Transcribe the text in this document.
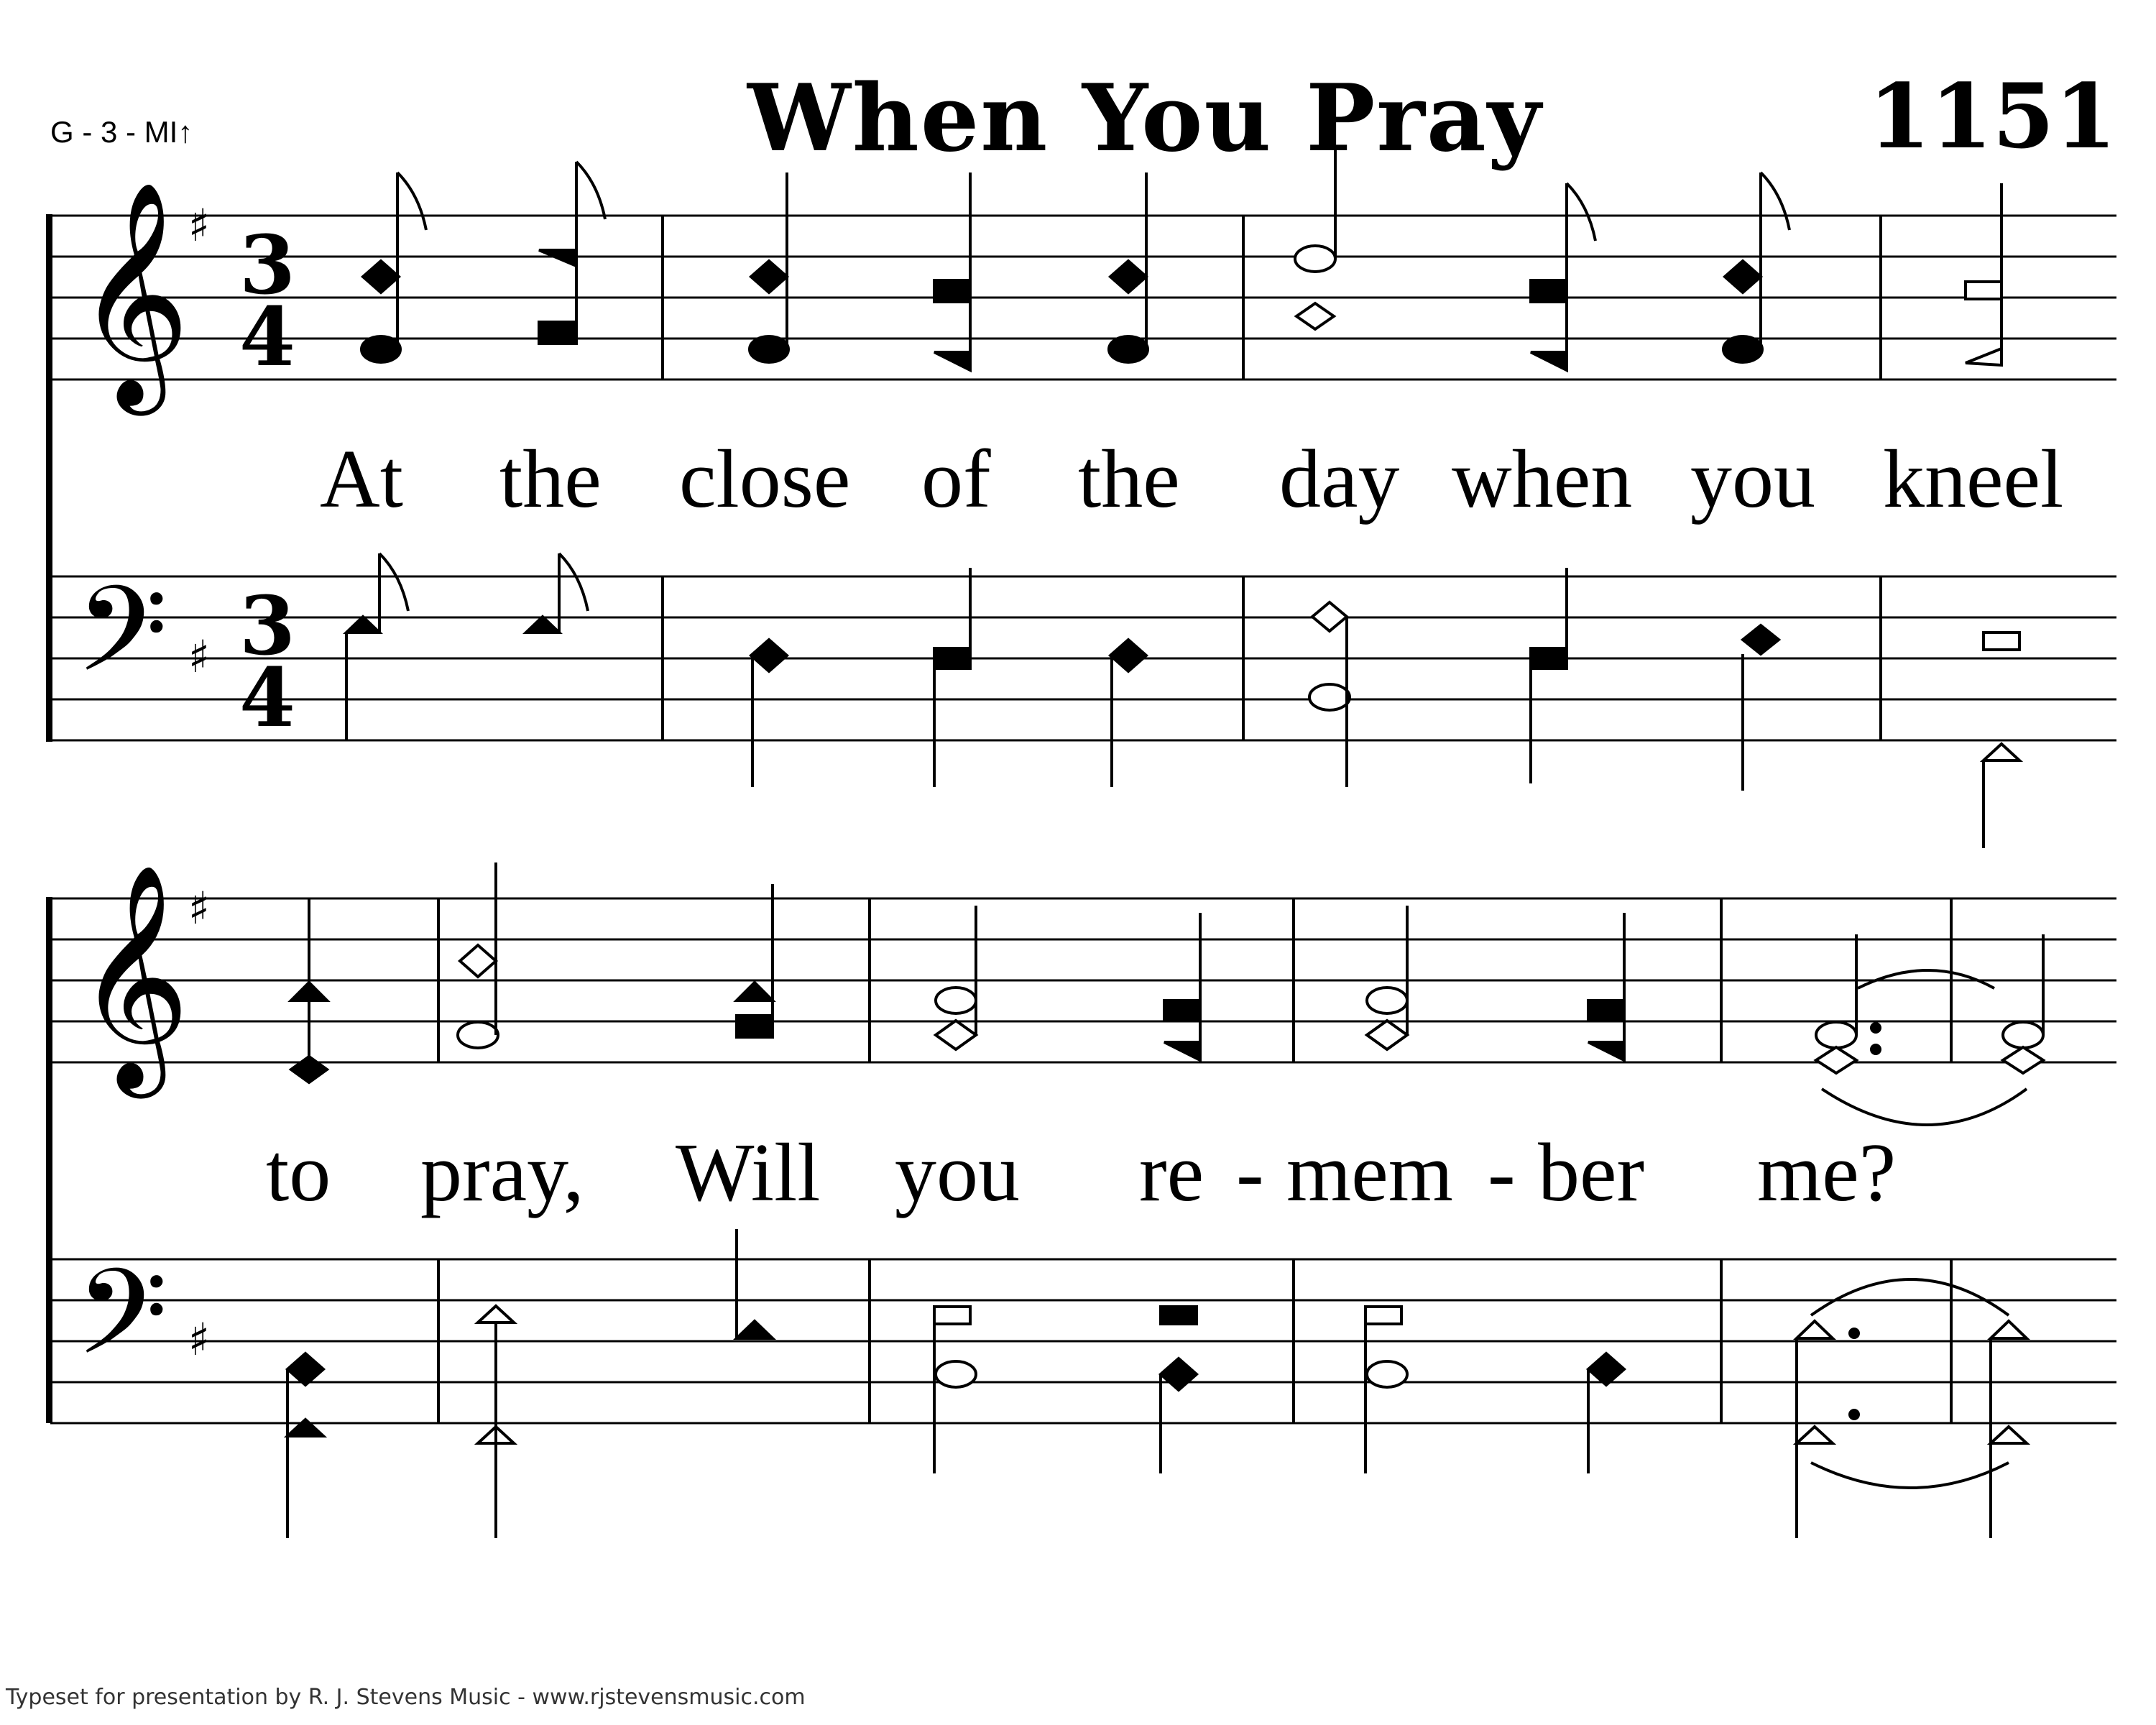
G - 3 - MI↑	When You Pray	1151
𝄞
𝄢
♯
♯
3
4
3
4
At the close of the day when you kneel
𝄞
𝄢
♯
♯
to pray, Will you re - mem - ber me?
Typeset for presentation by R. J. Stevens Music - www.rjstevensmusic.com
